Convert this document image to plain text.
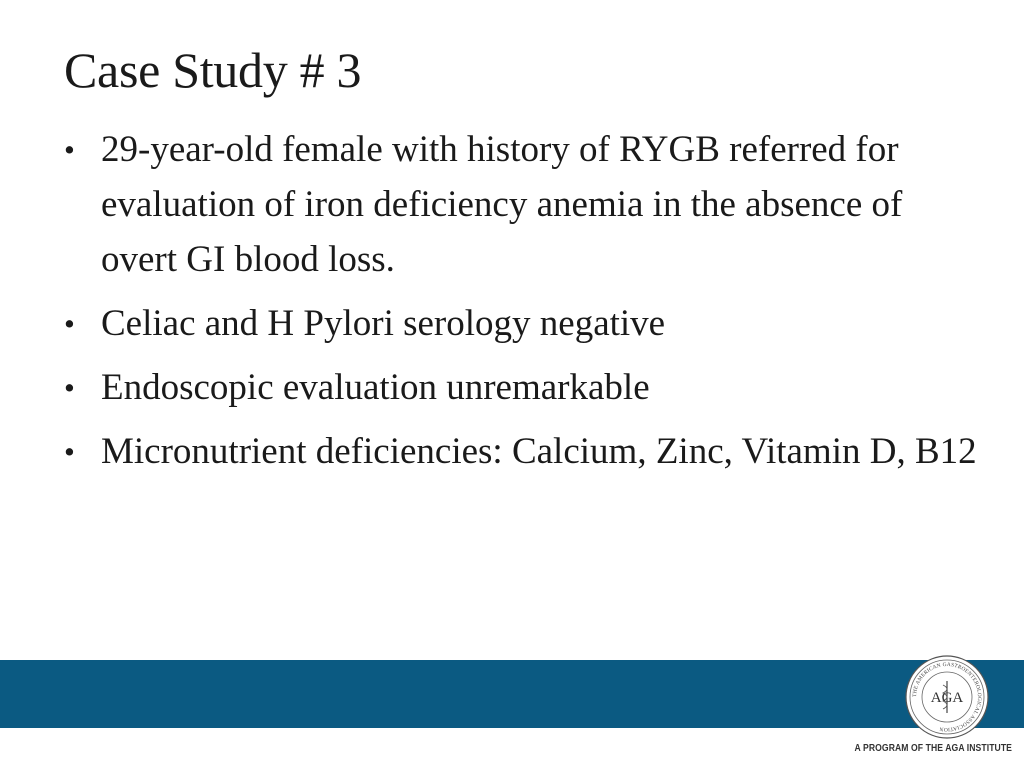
Case Study # 3
• 29-year-old female with history of RYGB referred for evaluation of iron deficiency anemia in the absence of overt GI blood loss.
• Celiac and H Pylori serology negative
• Endoscopic evaluation unremarkable
• Micronutrient deficiencies: Calcium, Zinc, Vitamin D, B12
THE AMERICAN GASTROENTEROLOGICAL ASSOCIATION
AGA
A PROGRAM OF THE AGA INSTITUTE
